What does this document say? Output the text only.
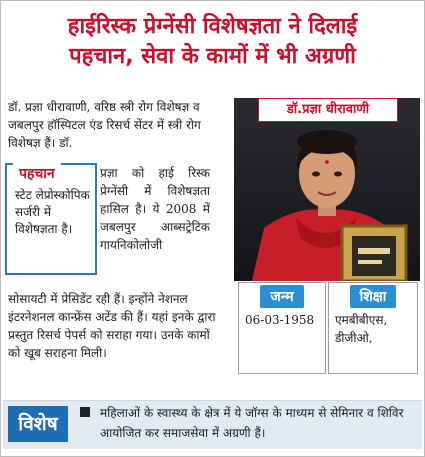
हाईरिस्क प्रेग्नेंसी विशेषज्ञता ने दिलाई
पहचान, सेवा के कामों में भी अग्रणी
डॉ. प्रज्ञा धीरावाणी, वरिष्ठ स्त्री रोग विशेषज्ञ व जबलपुर हॉस्पिटल एंड रिसर्च सेंटर में स्त्री रोग विशेषज्ञ हैं। डॉ.
पहचान
स्टेट लेप्रोस्कोपिक सर्जरी में विशेषज्ञता है।
प्रज्ञा को हाई रिस्क प्रेग्नेंसी में विशेषज्ञता हासिल है। ये 2008 में जबलपुर आब्सट्रेटिक गायनिकोलोजी
सोसायटी में प्रेसिडेंट रही हैं। इन्होंने नेशनल इंटरनेशनल कान्फ्रेंस अटेंड की हैं। यहां इनके द्वारा प्रस्तुत रिसर्च पेपर्स को सराहा गया। उनके कामों को खूब सराहना मिली।
डॉ.प्रज्ञा धीरावाणी
जन्म
06-03-1958
शिक्षा
एमबीबीएस, डीजीओ,
विशेष	महिलाओं के स्वास्थ्य के क्षेत्र में ये जॉग्स के माध्यम से सेमिनार व शिविर आयोजित कर समाजसेवा में अग्रणी हैं।
